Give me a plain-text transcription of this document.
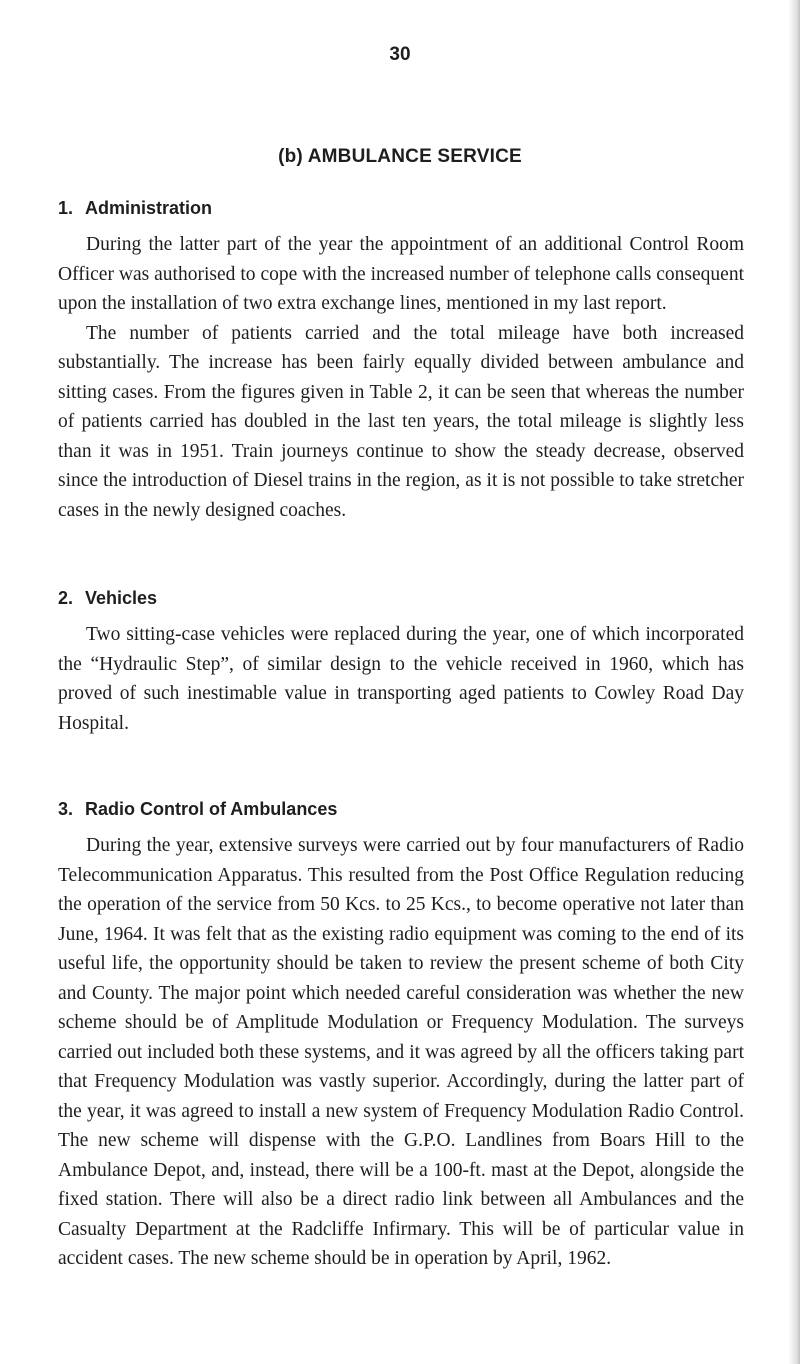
30
(b) AMBULANCE SERVICE
1. Administration

During the latter part of the year the appointment of an additional Control Room Officer was authorised to cope with the increased number of telephone calls consequent upon the installation of two extra exchange lines, mentioned in my last report.

The number of patients carried and the total mileage have both increased substantially. The increase has been fairly equally divided between ambulance and sitting cases. From the figures given in Table 2, it can be seen that whereas the number of patients carried has doubled in the last ten years, the total mileage is slightly less than it was in 1951. Train journeys continue to show the steady decrease, observed since the introduction of Diesel trains in the region, as it is not possible to take stretcher cases in the newly designed coaches.

2. Vehicles

Two sitting-case vehicles were replaced during the year, one of which incorporated the “Hydraulic Step”, of similar design to the vehicle received in 1960, which has proved of such inestimable value in transporting aged patients to Cowley Road Day Hospital.

3. Radio Control of Ambulances

During the year, extensive surveys were carried out by four manufacturers of Radio Telecommunication Apparatus. This resulted from the Post Office Regulation reducing the operation of the service from 50 Kcs. to 25 Kcs., to become operative not later than June, 1964. It was felt that as the existing radio equipment was coming to the end of its useful life, the opportunity should be taken to review the present scheme of both City and County. The major point which needed careful consideration was whether the new scheme should be of Amplitude Modulation or Frequency Modulation. The surveys carried out included both these systems, and it was agreed by all the officers taking part that Frequency Modulation was vastly superior. Accordingly, during the latter part of the year, it was agreed to install a new system of Frequency Modulation Radio Control. The new scheme will dispense with the G.P.O. Landlines from Boars Hill to the Ambulance Depot, and, instead, there will be a 100-ft. mast at the Depot, alongside the fixed station. There will also be a direct radio link between all Ambulances and the Casualty Department at the Radcliffe Infirmary. This will be of particular value in accident cases. The new scheme should be in operation by April, 1962.
